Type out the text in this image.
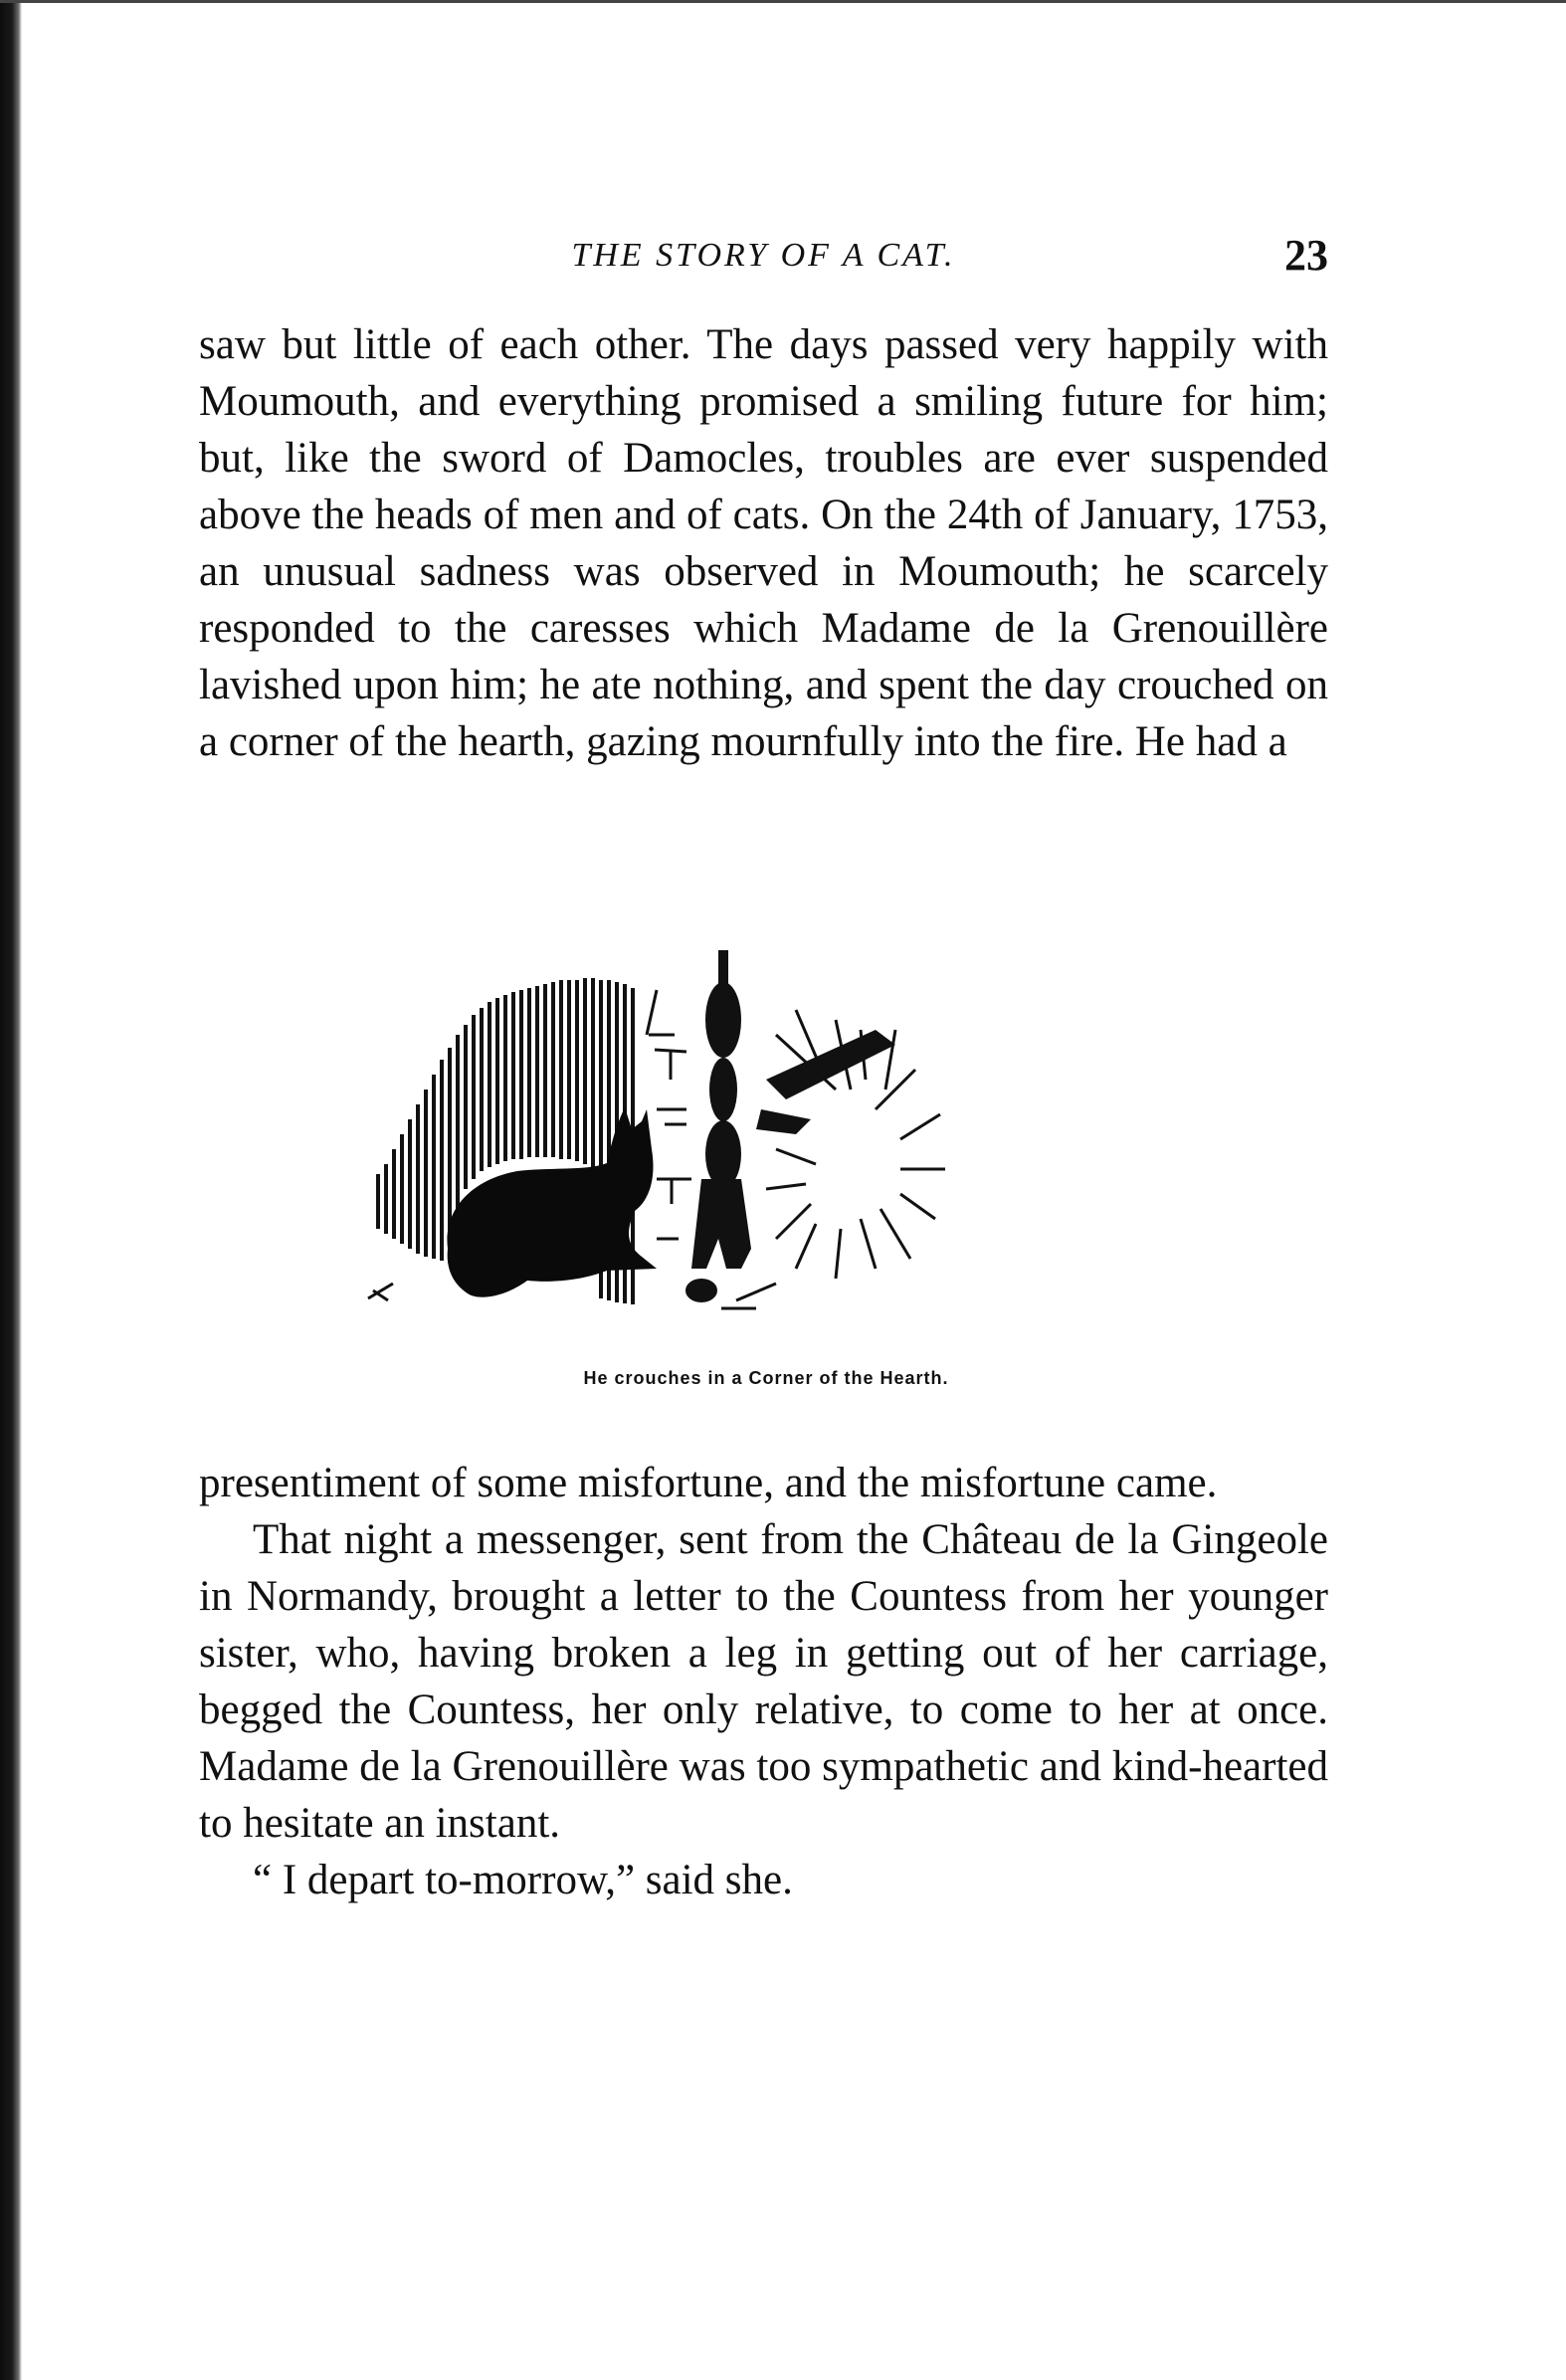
THE STORY OF A CAT.	23

saw but little of each other. The days passed very happily with Moumouth, and everything promised a smiling future for him; but, like the sword of Damocles, troubles are ever suspended above the heads of men and of cats. On the 24th of January, 1753, an unusual sadness was observed in Moumouth; he scarcely responded to the caresses which Madame de la Grenouillère lavished upon him; he ate nothing, and spent the day crouched on a corner of the hearth, gazing mournfully into the fire. He had a

He crouches in a Corner of the Hearth.

presentiment of some misfortune, and the misfortune came.

That night a messenger, sent from the Château de la Gingeole in Normandy, brought a letter to the Countess from her younger sister, who, having broken a leg in getting out of her carriage, begged the Countess, her only relative, to come to her at once. Madame de la Grenouillère was too sympathetic and kind-hearted to hesitate an instant.

“ I depart to-morrow,” said she.
